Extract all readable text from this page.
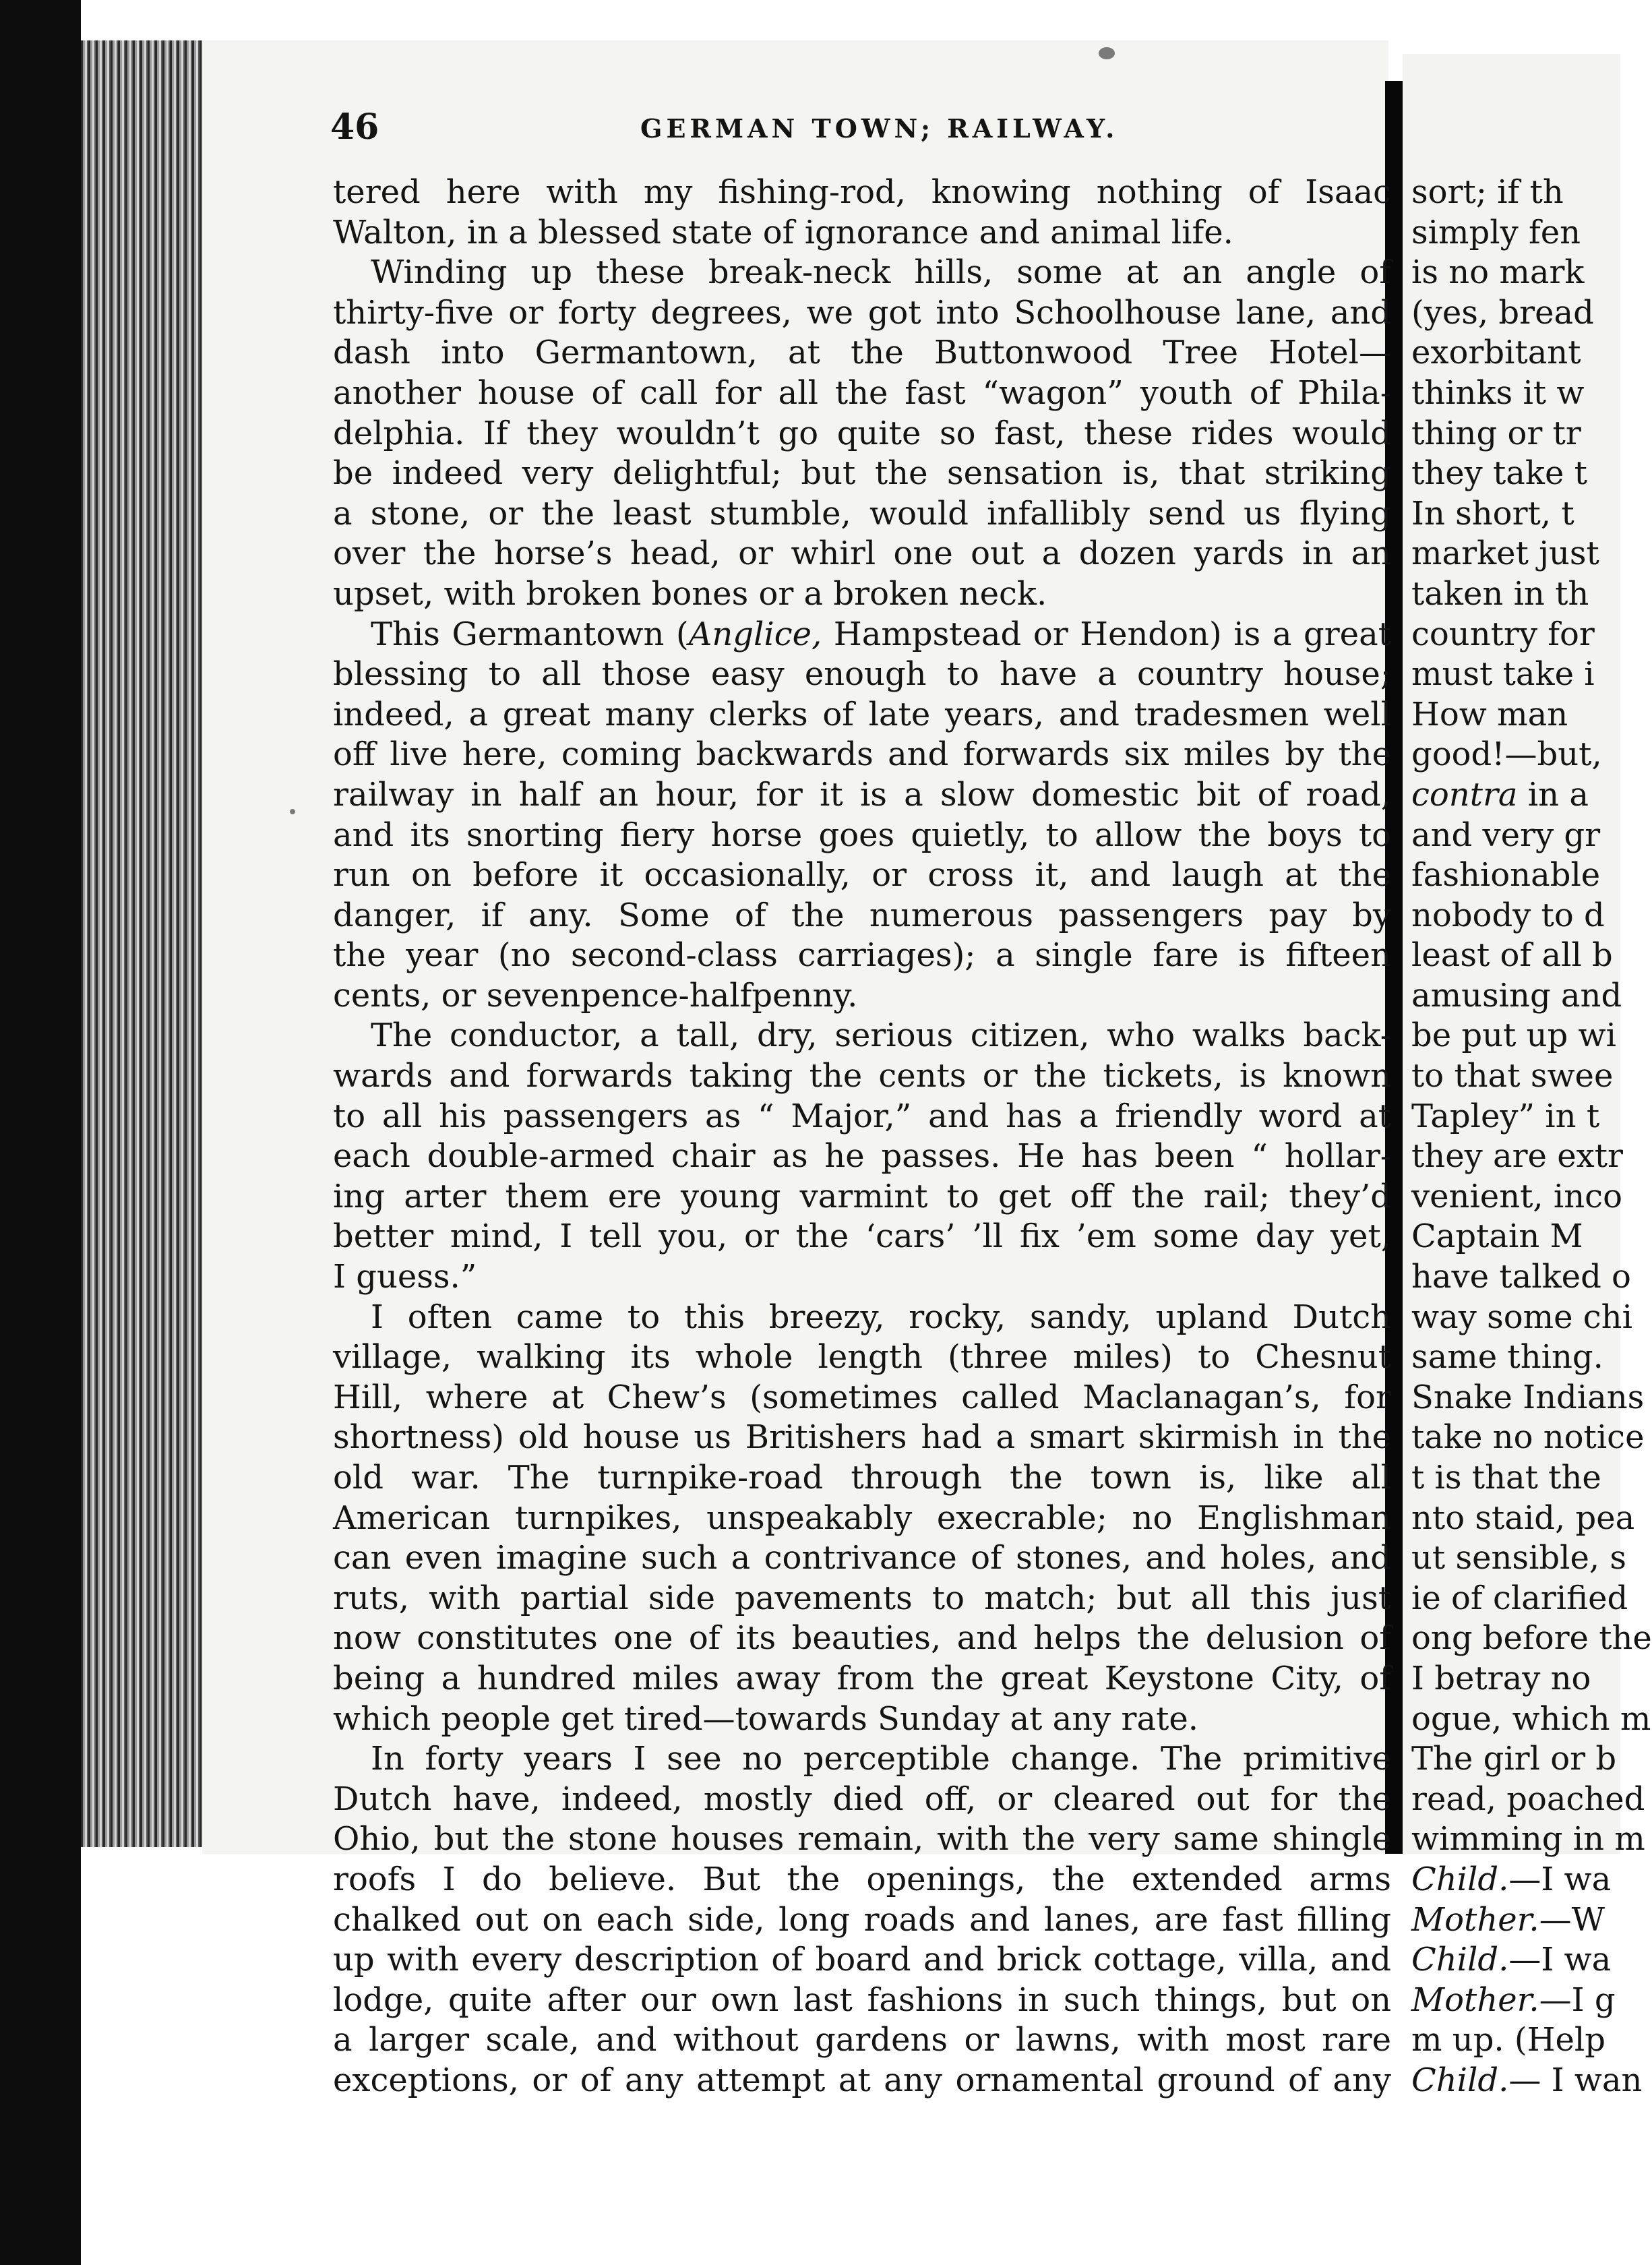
46	GERMAN TOWN; RAILWAY.
tered here with my fishing-rod, knowing nothing of Isaac
Walton, in a blessed state of ignorance and animal life.
Winding up these break-neck hills, some at an angle of
thirty-five or forty degrees, we got into Schoolhouse lane, and
dash into Germantown, at the Buttonwood Tree Hotel—
another house of call for all the fast “wagon” youth of Phila-
delphia. If they wouldn’t go quite so fast, these rides would
be indeed very delightful; but the sensation is, that striking
a stone, or the least stumble, would infallibly send us flying
over the horse’s head, or whirl one out a dozen yards in an
upset, with broken bones or a broken neck.
This Germantown (Anglice, Hampstead or Hendon) is a great
blessing to all those easy enough to have a country house;
indeed, a great many clerks of late years, and tradesmen well
off live here, coming backwards and forwards six miles by the
railway in half an hour, for it is a slow domestic bit of road,
and its snorting fiery horse goes quietly, to allow the boys to
run on before it occasionally, or cross it, and laugh at the
danger, if any. Some of the numerous passengers pay by
the year (no second-class carriages); a single fare is fifteen
cents, or sevenpence-halfpenny.
The conductor, a tall, dry, serious citizen, who walks back-
wards and forwards taking the cents or the tickets, is known
to all his passengers as “ Major,” and has a friendly word at
each double-armed chair as he passes. He has been “ hollar-
ing arter them ere young varmint to get off the rail; they’d
better mind, I tell you, or the ‘cars’ ’ll fix ’em some day yet,
I guess.”
I often came to this breezy, rocky, sandy, upland Dutch
village, walking its whole length (three miles) to Chesnut
Hill, where at Chew’s (sometimes called Maclanagan’s, for
shortness) old house us Britishers had a smart skirmish in the
old war. The turnpike-road through the town is, like all
American turnpikes, unspeakably execrable; no Englishman
can even imagine such a contrivance of stones, and holes, and
ruts, with partial side pavements to match; but all this just
now constitutes one of its beauties, and helps the delusion of
being a hundred miles away from the great Keystone City, of
which people get tired—towards Sunday at any rate.
In forty years I see no perceptible change. The primitive
Dutch have, indeed, mostly died off, or cleared out for the
Ohio, but the stone houses remain, with the very same shingle
roofs I do believe. But the openings, the extended arms
chalked out on each side, long roads and lanes, are fast filling
up with every description of board and brick cottage, villa, and
lodge, quite after our own last fashions in such things, but on
a larger scale, and without gardens or lawns, with most rare
exceptions, or of any attempt at any ornamental ground of any
sort; if th
simply fen
is no mark
(yes, bread
exorbitant
thinks it w
thing or tr
they take t
In short, t
market just
taken in th
country for
must take i
How man
good!—but,
contra in a
and very gr
fashionable
nobody to d
least of all b
amusing and
be put up wi
to that swee
Tapley” in t
they are extr
venient, inco
Captain M
have talked o
way some chi
same thing.
Snake Indians
take no notice
t is that the
nto staid, pea
ut sensible, s
ie of clarified
ong before the
I betray no
ogue, which m
The girl or b
read, poached
wimming in m
Child.—I wa
Mother.—W
Child.—I wa
Mother.—I g
m up. (Help
Child.— I wan
